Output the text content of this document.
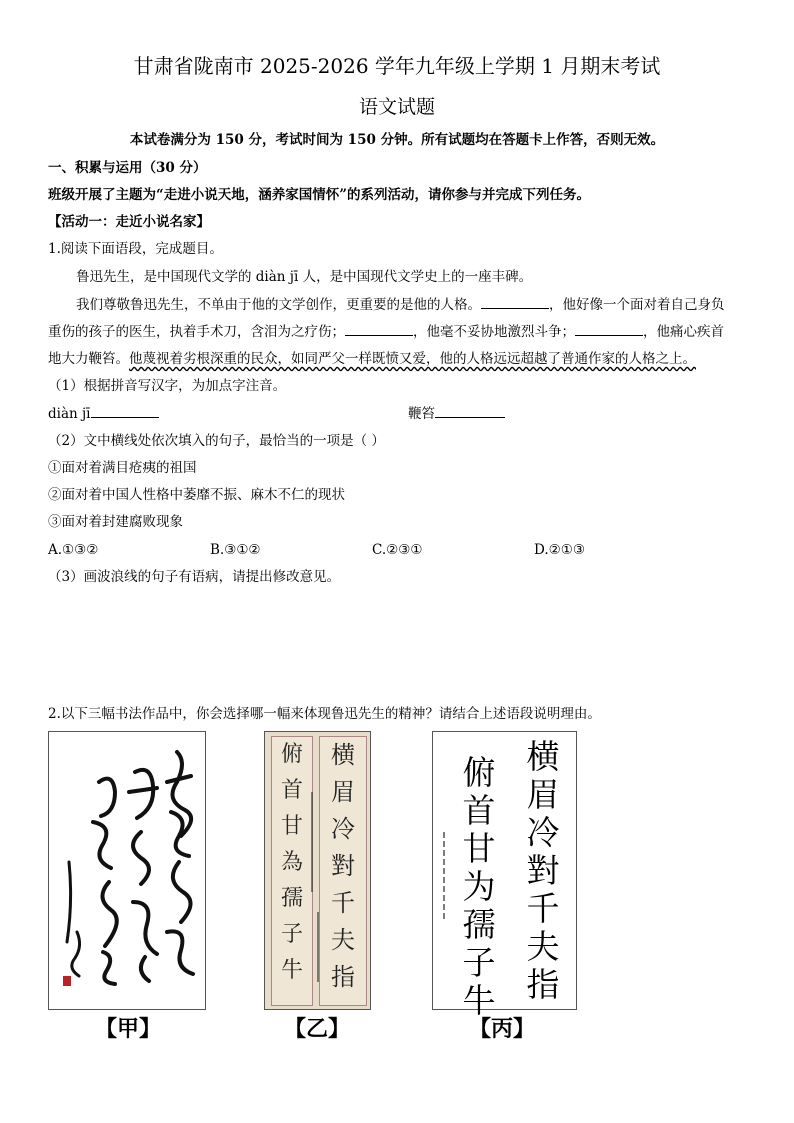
甘肃省陇南市 2025-2026 学年九年级上学期 1 月期末考试
语文试题
本试卷满分为 150 分，考试时间为 150 分钟。所有试题均在答题卡上作答，否则无效。
一、积累与运用（30 分）
班级开展了主题为“走进小说天地，涵养家国情怀”的系列活动，请你参与并完成下列任务。
【活动一：走近小说名家】
1.阅读下面语段，完成题目。
鲁迅先生，是中国现代文学的 diàn jī 人，是中国现代文学史上的一座丰碑。
我们尊敬鲁迅先生，不单由于他的文学创作，更重要的是他的人格。	，他好像一个面对着自己身负
重伤的孩子的医生，执着手术刀，含泪为之疗伤；	，他毫不妥协地激烈斗争；	，他痛心疾首
地大力鞭笞。他蔑视着劣根深重的民众，如同严父一样既愤又爱，他的人格远远超越了普通作家的人格之上。
（1）根据拼音写汉字，为加点字注音。
diàn jī	鞭笞
（2）文中横线处依次填入的句子，最恰当的一项是（ ）
①面对着满目疮痍的祖国
②面对着中国人性格中萎靡不振、麻木不仁的现状
③面对着封建腐败现象
A.①③②	B.③①②	C.②③①	D.②①③
（3）画波浪线的句子有语病，请提出修改意见。
2.以下三幅书法作品中，你会选择哪一幅来体现鲁迅先生的精神？请结合上述语段说明理由。
横
眉
冷
對
千
夫
指
俯
首
甘
為
孺
子
牛
横
眉
冷
對
千
夫
指
俯
首
甘
为
孺
子
牛
【甲】	【乙】	【丙】
